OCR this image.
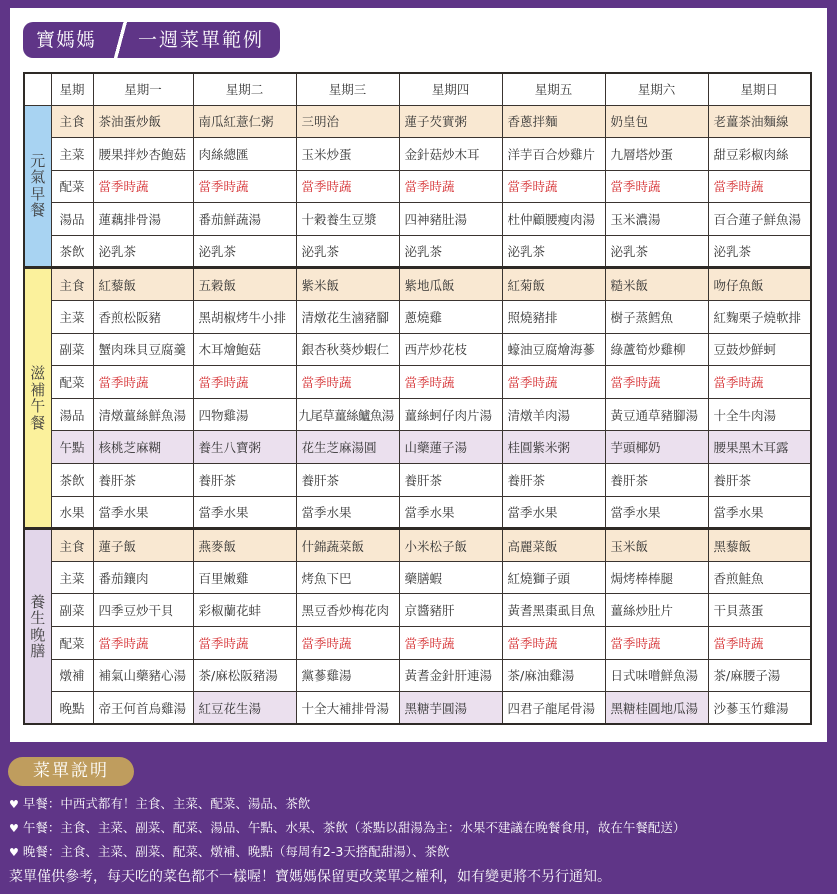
寶媽媽	一週菜單範例
	星期	星期一	星期二	星期三	星期四	星期五	星期六	星期日

元
氣
早
餐	主食	茶油蛋炒飯	南瓜紅薏仁粥	三明治	蓮子芡實粥	香蔥拌麵	奶皇包	老薑茶油麵線
	主菜	腰果拌炒杏鮑菇	肉絲總匯	玉米炒蛋	金針菇炒木耳	洋芋百合炒雞片	九層塔炒蛋	甜豆彩椒肉絲
	配菜	當季時蔬	當季時蔬	當季時蔬	當季時蔬	當季時蔬	當季時蔬	當季時蔬
	湯品	蓮藕排骨湯	番茄鮮蔬湯	十穀養生豆漿	四神豬肚湯	杜仲顧腰瘦肉湯	玉米濃湯	百合蓮子鮮魚湯
	茶飲	泌乳茶	泌乳茶	泌乳茶	泌乳茶	泌乳茶	泌乳茶	泌乳茶

滋
補
午
餐	主食	紅藜飯	五穀飯	紫米飯	紫地瓜飯	紅菊飯	糙米飯	吻仔魚飯
	主菜	香煎松阪豬	黑胡椒烤牛小排	清燉花生滷豬腳	蔥燒雞	照燒豬排	樹子蒸鱈魚	紅麴栗子燒軟排
	副菜	蟹肉珠貝豆腐羹	木耳燴鮑菇	銀杏秋葵炒蝦仁	西芹炒花枝	蠔油豆腐燴海蔘	綠蘆筍炒雞柳	豆鼓炒鮮蚵
	配菜	當季時蔬	當季時蔬	當季時蔬	當季時蔬	當季時蔬	當季時蔬	當季時蔬
	湯品	清燉薑絲鮮魚湯	四物雞湯	九尾草薑絲鱸魚湯	薑絲蚵仔肉片湯	清燉羊肉湯	黃豆通草豬腳湯	十全牛肉湯
	午點	核桃芝麻糊	養生八寶粥	花生芝麻湯圓	山藥蓮子湯	桂圓紫米粥	芋頭椰奶	腰果黑木耳露
	茶飲	養肝茶	養肝茶	養肝茶	養肝茶	養肝茶	養肝茶	養肝茶
	水果	當季水果	當季水果	當季水果	當季水果	當季水果	當季水果	當季水果

養
生
晚
膳	主食	蓮子飯	燕麥飯	什錦蔬菜飯	小米松子飯	高麗菜飯	玉米飯	黑藜飯
	主菜	番茄鑲肉	百里嫩雞	烤魚下巴	藥膳蝦	紅燒獅子頭	焗烤棒棒腿	香煎鮭魚
	副菜	四季豆炒干貝	彩椒蘭花蚌	黑豆香炒梅花肉	京醬豬肝	黃耆黑棗虱目魚	薑絲炒肚片	干貝蒸蛋
	配菜	當季時蔬	當季時蔬	當季時蔬	當季時蔬	當季時蔬	當季時蔬	當季時蔬
	燉補	補氣山藥豬心湯	茶/麻松阪豬湯	黨蔘雞湯	黃耆金針肝連湯	茶/麻油雞湯	日式味噌鮮魚湯	茶/麻腰子湯
	晚點	帝王何首烏雞湯	紅豆花生湯	十全大補排骨湯	黑糖芋圓湯	四君子龍尾骨湯	黑糖桂圓地瓜湯	沙蔘玉竹雞湯
菜單說明
♥ 早餐：中西式都有！主食、主菜、配菜、湯品、茶飲
♥ 午餐：主食、主菜、副菜、配菜、湯品、午點、水果、茶飲（茶點以甜湯為主：水果不建議在晚餐食用，故在午餐配送）
♥ 晚餐：主食、主菜、副菜、配菜、燉補、晚點（每周有2-3天搭配甜湯）、茶飲
菜單僅供參考，每天吃的菜色都不一樣喔！寶媽媽保留更改菜單之權利，如有變更將不另行通知。
